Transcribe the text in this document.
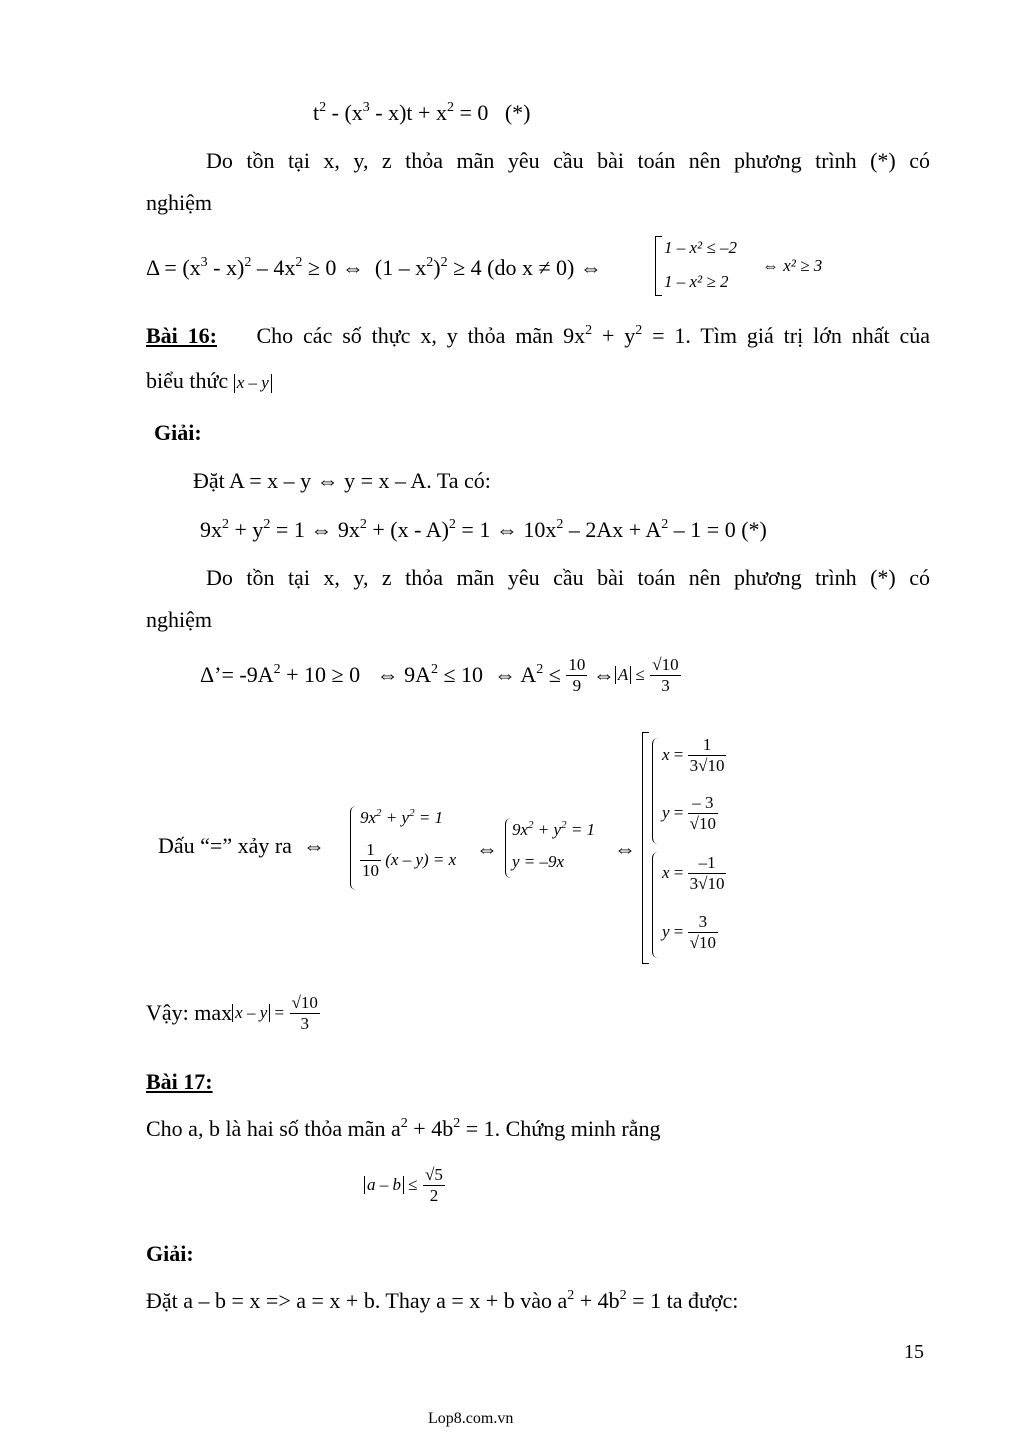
$t^2 - (x^3 - x)t + x^2 = 0$   (*)
Do tồn tại x, y, z thỏa mãn yêu cầu bài toán nên phương trình (*) có
nghiệm
$\Delta = (x^3 - x)^2 - 4x^2 \ge 0$ ⇔  $(1 - x^2)^2 \ge 4$ (do x ≠ 0) ⇔
1 – x² ≤ –2
1 – x² ≥ 2
⇔ x² ≥ 3
Bài 16:    Cho các số thực x, y thỏa mãn $9x^2 + y^2 = 1$. Tìm giá trị lớn nhất của
biểu thức x – y
Giải:
Đặt A = x – y ⇔ y = x – A. Ta có:
$9x^2 + y^2 = 1$ ⇔ $9x^2 + (x - A)^2 = 1$ ⇔ $10x^2 - 2Ax + A^2 - 1 = 0$ (*)
Do tồn tại x, y, z thỏa mãn yêu cầu bài toán nên phương trình (*) có
nghiệm
Δ’= $-9A^2 + 10 \ge 0$   ⇔ $9A^2 \le 10$  ⇔ $A^2 \le \frac{10}{9}$ ⇔ $A \le \frac{√10}{3}$
Dấu “=” xảy ra  ⇔
$9x^2 + y^2 = 1$
$\frac{1}{10} (x - y) = x$ ⇔
$9x^2 + y^2 = 1$
y = –9x
⇔
$x = \frac{1}{3√10}$
$y = \frac{- 3}{√10}$
$x = \frac{-1}{3√10}$
$y = \frac{3}{√10}$
Vậy: $\max x - y = \frac{√10}{3}$
Bài 17:
Cho a, b là hai số thỏa mãn $a^2 + 4b^2 = 1$. Chứng minh rằng
$a - b \le \frac{√5}{2}$
Giải:
Đặt a – b = x => a = x + b. Thay a = x + b vào $a^2 + 4b^2 = 1$ ta được:
15
Lop8.com.vn
